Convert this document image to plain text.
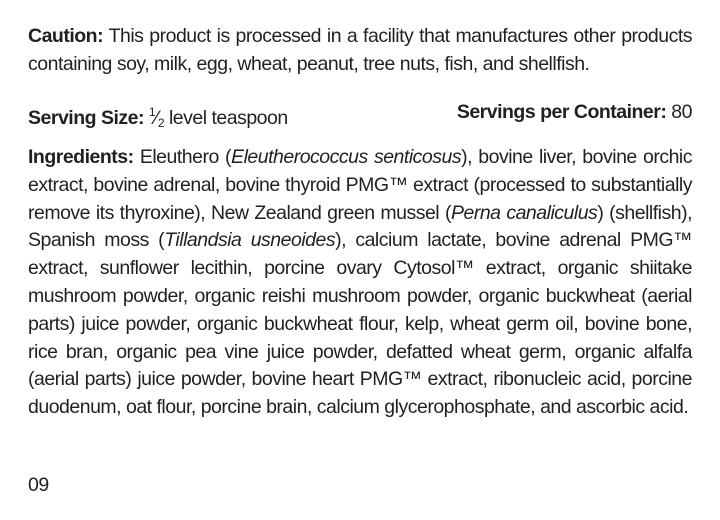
Caution: This product is processed in a facility that manufactures other products containing soy, milk, egg, wheat, peanut, tree nuts, fish, and shellfish.

Serving Size: $^1⁄_2$ level teaspoon	Servings per Container: 80

Ingredients: Eleuthero (Eleutherococcus senticosus), bovine liver, bovine orchic extract, bovine adrenal, bovine thyroid PMG™ extract (processed to substantially remove its thyroxine), New Zealand green mussel (Perna canaliculus) (shellfish), Spanish moss (Tillandsia usneoides), calcium lactate, bovine adrenal PMG™ extract, sunflower lecithin, porcine ovary Cytosol™ extract, organic shiitake mushroom powder, organic reishi mushroom powder, organic buckwheat (aerial parts) juice powder, organic buckwheat flour, kelp, wheat germ oil, bovine bone, rice bran, organic pea vine juice powder, defatted wheat germ, organic alfalfa (aerial parts) juice powder, bovine heart PMG™ extract, ribonucleic acid, porcine duodenum, oat flour, porcine brain, calcium glycerophosphate, and ascorbic acid.

09
